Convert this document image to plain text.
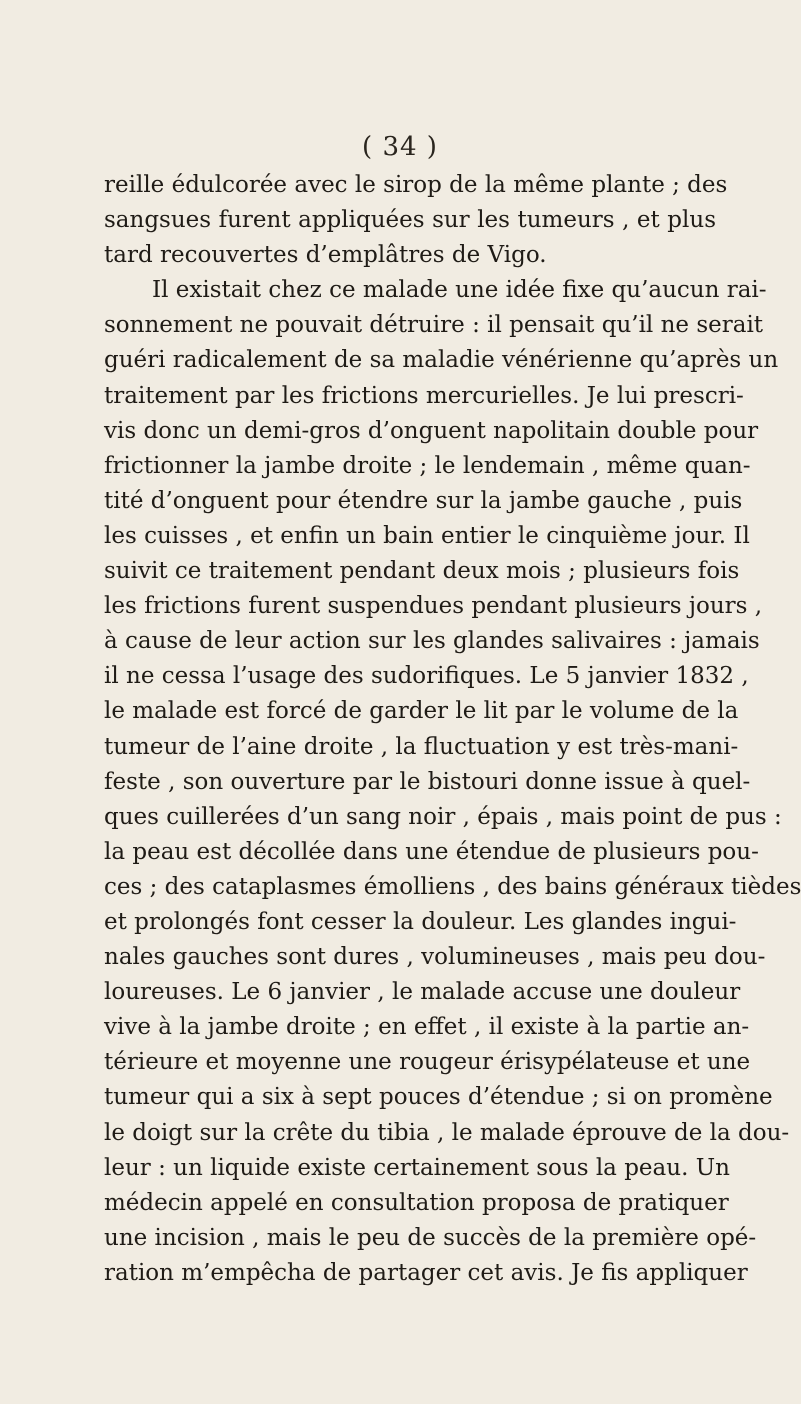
( 34 )
reille édulcorée avec le sirop de la même plante ; des
sangsues furent appliquées sur les tumeurs , et plus
tard recouvertes d’emplâtres de Vigo.
Il existait chez ce malade une idée fixe qu’aucun rai-
sonnement ne pouvait détruire : il pensait qu’il ne serait
guéri radicalement de sa maladie vénérienne qu’après un
traitement par les frictions mercurielles. Je lui prescri-
vis donc un demi-gros d’onguent napolitain double pour
frictionner la jambe droite ; le lendemain , même quan-
tité d’onguent pour étendre sur la jambe gauche , puis
les cuisses , et enfin un bain entier le cinquième jour. Il
suivit ce traitement pendant deux mois ; plusieurs fois
les frictions furent suspendues pendant plusieurs jours ,
à cause de leur action sur les glandes salivaires : jamais
il ne cessa l’usage des sudorifiques. Le 5 janvier 1832 ,
le malade est forcé de garder le lit par le volume de la
tumeur de l’aine droite , la fluctuation y est très-mani-
feste , son ouverture par le bistouri donne issue à quel-
ques cuillerées d’un sang noir , épais , mais point de pus :
la peau est décollée dans une étendue de plusieurs pou-
ces ; des cataplasmes émolliens , des bains généraux tièdes
et prolongés font cesser la douleur. Les glandes ingui-
nales gauches sont dures , volumineuses , mais peu dou-
loureuses. Le 6 janvier , le malade accuse une douleur
vive à la jambe droite ; en effet , il existe à la partie an-
térieure et moyenne une rougeur érisypélateuse et une
tumeur qui a six à sept pouces d’étendue ; si on promène
le doigt sur la crête du tibia , le malade éprouve de la dou-
leur : un liquide existe certainement sous la peau. Un
médecin appelé en consultation proposa de pratiquer
une incision , mais le peu de succès de la première opé-
ration m’empêcha de partager cet avis. Je fis appliquer
